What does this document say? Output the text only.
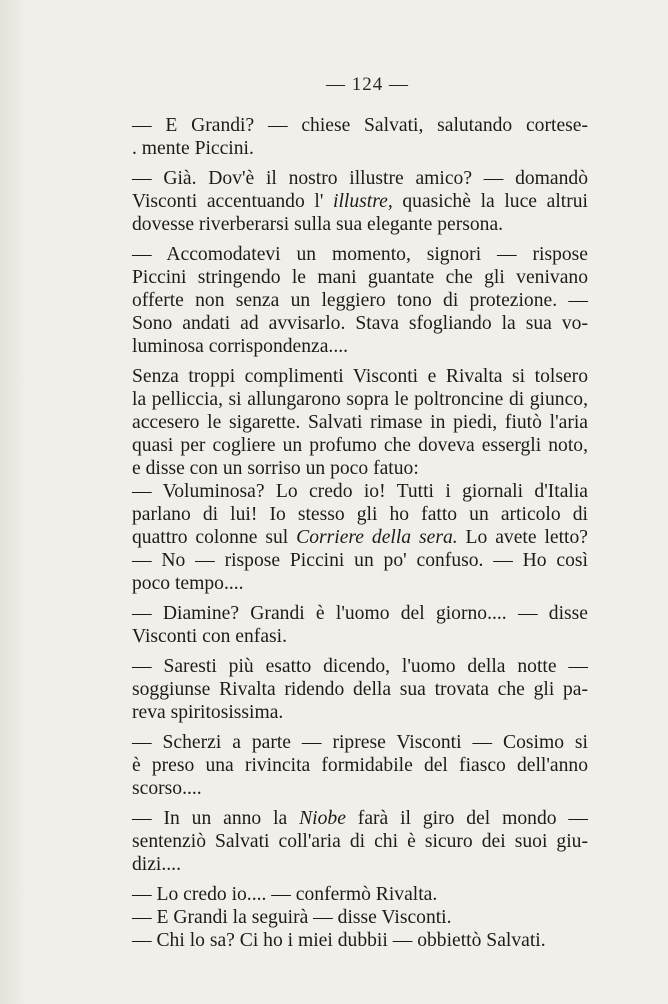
— 124 —
— E Grandi? — chiese Salvati, salutando cortese-
. mente Piccini.
— Già. Dov'è il nostro illustre amico? — domandò
Visconti accentuando l' illustre, quasichè la luce altrui
dovesse riverberarsi sulla sua elegante persona.
— Accomodatevi un momento, signori — rispose
Piccini stringendo le mani guantate che gli venivano
offerte non senza un leggiero tono di protezione. —
Sono andati ad avvisarlo. Stava sfogliando la sua vo-
luminosa corrispondenza....
Senza troppi complimenti Visconti e Rivalta si tolsero
la pelliccia, si allungarono sopra le poltroncine di giunco,
accesero le sigarette. Salvati rimase in piedi, fiutò l'aria
quasi per cogliere un profumo che doveva essergli noto,
e disse con un sorriso un poco fatuo:
— Voluminosa? Lo credo io! Tutti i giornali d'Italia
parlano di lui! Io stesso gli ho fatto un articolo di
quattro colonne sul Corriere della sera. Lo avete letto?
— No — rispose Piccini un po' confuso. — Ho così
poco tempo....
— Diamine? Grandi è l'uomo del giorno.... — disse
Visconti con enfasi.
— Saresti più esatto dicendo, l'uomo della notte —
soggiunse Rivalta ridendo della sua trovata che gli pa-
reva spiritosissima.
— Scherzi a parte — riprese Visconti — Cosimo si
è preso una rivincita formidabile del fiasco dell'anno
scorso....
— In un anno la Niobe farà il giro del mondo —
sentenziò Salvati coll'aria di chi è sicuro dei suoi giu-
dizi....
— Lo credo io.... — confermò Rivalta.
— E Grandi la seguirà — disse Visconti.
— Chi lo sa? Ci ho i miei dubbii — obbiettò Salvati.
